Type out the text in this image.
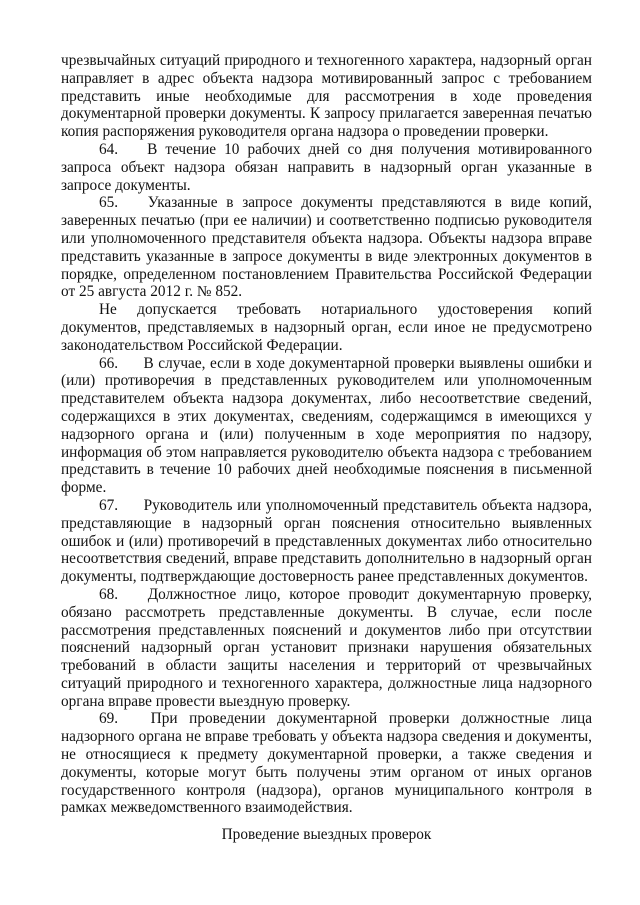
чрезвычайных ситуаций природного и техногенного характера, надзорный орган направляет в адрес объекта надзора мотивированный запрос с требованием представить иные необходимые для рассмотрения в ходе проведения документарной проверки документы. К запросу прилагается заверенная печатью копия распоряжения руководителя органа надзора о проведении проверки.

64. В течение 10 рабочих дней со дня получения мотивированного запроса объект надзора обязан направить в надзорный орган указанные в запросе документы.

65. Указанные в запросе документы представляются в виде копий, заверенных печатью (при ее наличии) и соответственно подписью руководителя или уполномоченного представителя объекта надзора. Объекты надзора вправе представить указанные в запросе документы в виде электронных документов в порядке, определенном постановлением Правительства Российской Федерации от 25 августа 2012 г. № 852.

Не допускается требовать нотариального удостоверения копий документов, представляемых в надзорный орган, если иное не предусмотрено законодательством Российской Федерации.

66. В случае, если в ходе документарной проверки выявлены ошибки и (или) противоречия в представленных руководителем или уполномоченным представителем объекта надзора документах, либо несоответствие сведений, содержащихся в этих документах, сведениям, содержащимся в имеющихся у надзорного органа и (или) полученным в ходе мероприятия по надзору, информация об этом направляется руководителю объекта надзора с требованием представить в течение 10 рабочих дней необходимые пояснения в письменной форме.

67. Руководитель или уполномоченный представитель объекта надзора, представляющие в надзорный орган пояснения относительно выявленных ошибок и (или) противоречий в представленных документах либо относительно несоответствия сведений, вправе представить дополнительно в надзорный орган документы, подтверждающие достоверность ранее представленных документов.

68. Должностное лицо, которое проводит документарную проверку, обязано рассмотреть представленные документы. В случае, если после рассмотрения представленных пояснений и документов либо при отсутствии пояснений надзорный орган установит признаки нарушения обязательных требований в области защиты населения и территорий от чрезвычайных ситуаций природного и техногенного характера, должностные лица надзорного органа вправе провести выездную проверку.

69. При проведении документарной проверки должностные лица надзорного органа не вправе требовать у объекта надзора сведения и документы, не относящиеся к предмету документарной проверки, а также сведения и документы, которые могут быть получены этим органом от иных органов государственного контроля (надзора), органов муниципального контроля в рамках межведомственного взаимодействия.

Проведение выездных проверок
